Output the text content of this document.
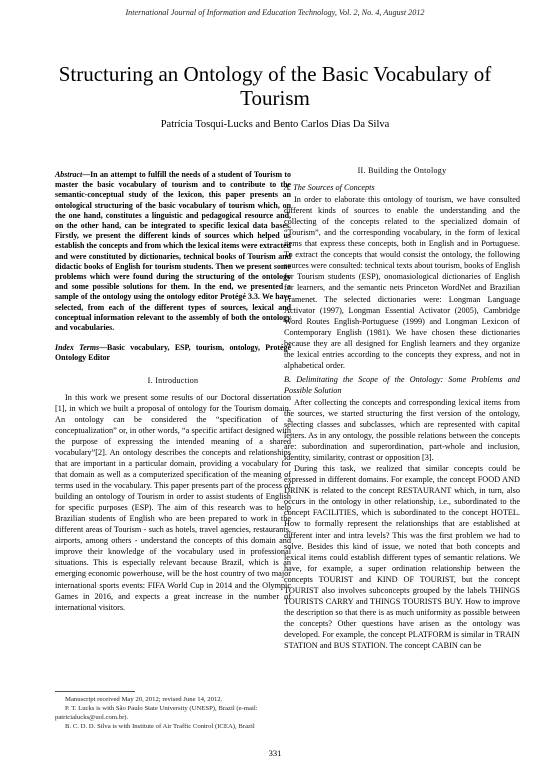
International Journal of Information and Education Technology, Vol. 2, No. 4, August 2012
Structuring an Ontology of the Basic Vocabulary of Tourism
Patrícia Tosqui-Lucks and Bento Carlos Dias Da Silva
Abstract—In an attempt to fulfill the needs of a student of Tourism to master the basic vocabulary of tourism and to contribute to the semantic-conceptual study of the lexicon, this paper presents an ontological structuring of the basic vocabulary of tourism which, on the one hand, constitutes a linguistic and pedagogical resource and, on the other hand, can be integrated to specific lexical data bases. Firstly, we present the different kinds of sources which helped us establish the concepts and from which the lexical items were extracted and were constituted by dictionaries, technical books of Tourism and didactic books of English for tourism students. Then we present some problems which were found during the structuring of the ontology and some possible solutions for them. In the end, we presented a sample of the ontology using the ontology editor Protégé 3.3. We have selected, from each of the different types of sources, lexical and conceptual information relevant to the assembly of both the ontology and vocabularies.
Index Terms—Basic vocabulary, ESP, tourism, ontology, Protégé Ontology Editor
I. Introduction

In this work we present some results of our Doctoral dissertation [1], in which we built a proposal of ontology for the Tourism domain. An ontology can be considered the “specification of a conceptualization” or, in other words, “a specific artifact designed with the purpose of expressing the intended meaning of a shared vocabulary”[2]. An ontology describes the concepts and relationships that are important in a particular domain, providing a vocabulary for that domain as well as a computerized specification of the meaning of terms used in the vocabulary. This paper presents part of the process of building an ontology of Tourism in order to assist students of English for specific purposes (ESP). The aim of this research was to help Brazilian students of English who are been prepared to work in the different areas of Tourism - such as hotels, travel agencies, restaurants, airports, among others - understand the concepts of this domain and improve their knowledge of the vocabulary used in professional situations. This is especially relevant because Brazil, which is an emerging economic powerhouse, will be the host country of two major international sports events: FIFA World Cup in 2014 and the Olympic Games in 2016, and expects a great increase in the number of international visitors.

Manuscript received May 20, 2012; revised June 14, 2012.

P. T. Lucks is with São Paulo State University (UNESP), Brazil (e-mail: patricialucks@uol.com.br).

B. C. D. D. Silva is with Institute of Air Traffic Control (ICEA), Brazil

II. Building the Ontology
A. The Sources of Concepts

In order to elaborate this ontology of tourism, we have consulted different kinds of sources to enable the understanding and the collecting of the concepts related to the specialized domain of “Tourism”, and the corresponding vocabulary, in the form of lexical items that express these concepts, both in English and in Portuguese. To extract the concepts that would consist the ontology, the following sources were consulted: technical texts about tourism, books of English for Tourism students (ESP), onomasiological dictionaries of English for learners, and the semantic nets Princeton WordNet and Brazilian Framenet. The selected dictionaries were: Longman Language Activator (1997), Longman Essential Activator (2005), Cambridge Word Routes English-Portuguese (1999) and Longman Lexicon of Contemporary English (1981). We have chosen these dictionaries because they are all designed for English learners and they organize the lexical entries according to the concepts they express, and not in alphabetical order.

B. Delimitating the Scope of the Ontology: Some Problems and Possible Solution

After collecting the concepts and corresponding lexical items from the sources, we started structuring the first version of the ontology, selecting classes and subclasses, which are represented with capital letters. As in any ontology, the possible relations between the concepts are: subordination and superordination, part-whole and inclusion, identity, similarity, contrast or opposition [3].

During this task, we realized that similar concepts could be expressed in different domains. For example, the concept FOOD AND DRINK is related to the concept RESTAURANT which, in turn, also occurs in the ontology in other relationship, i.e., subordinated to the concept FACILITIES, which is subordinated to the concept HOTEL. How to formally represent the relationships that are established at different inter and intra levels? This was the first problem we had to solve. Besides this kind of issue, we noted that both concepts and lexical items could establish different types of semantic relations. We have, for example, a super ordination relationship between the concepts TOURIST and KIND OF TOURIST, but the concept TOURIST also involves subconcepts grouped by the labels THINGS TOURISTS CARRY and THINGS TOURISTS BUY. How to improve the description so that there is as much uniformity as possible between the concepts? Other questions have arisen as the ontology was developed. For example, the concept PLATFORM is similar in TRAIN STATION and BUS STATION. The concept CABIN can be

331
